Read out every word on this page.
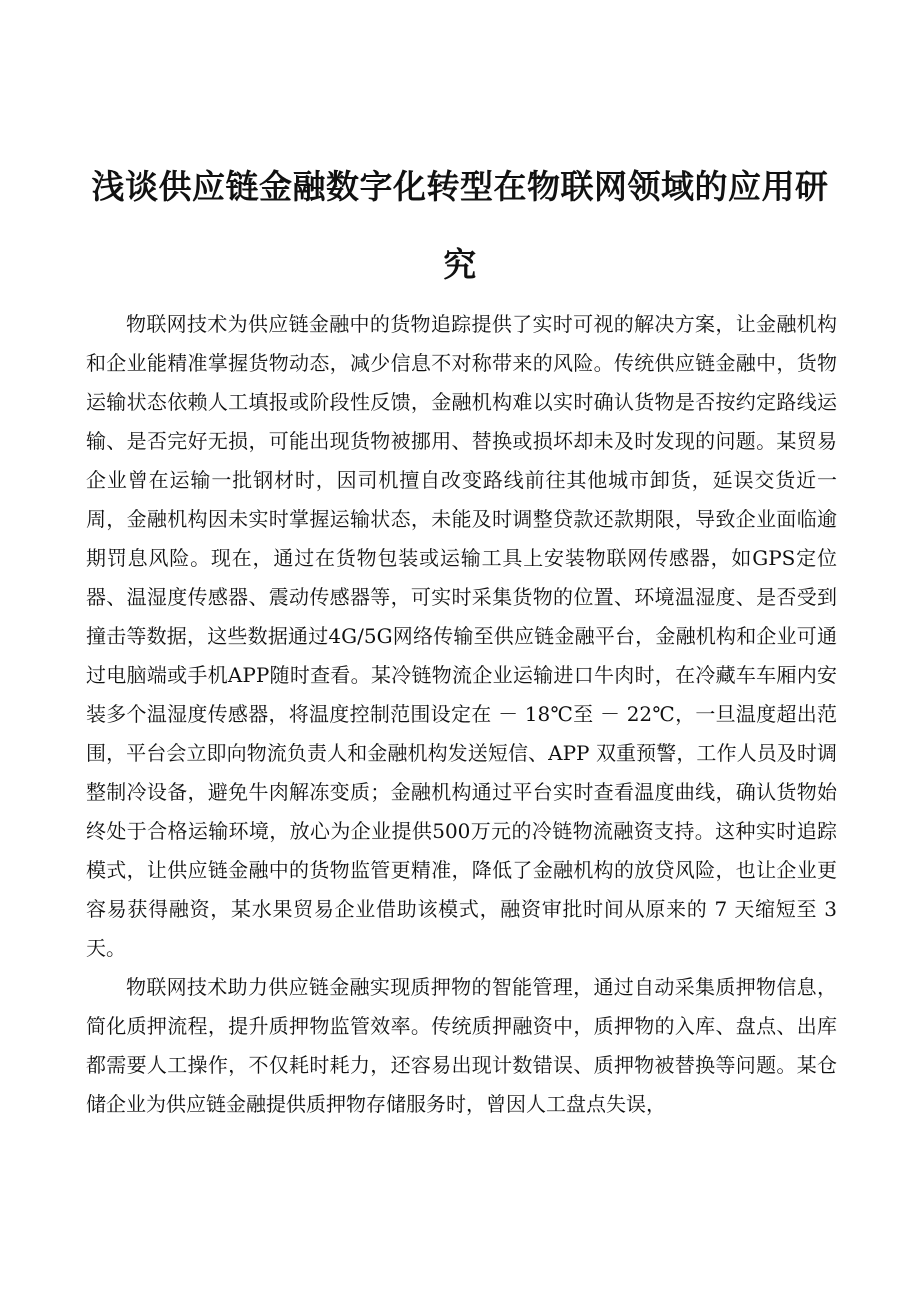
浅谈供应链金融数字化转型在物联网领域的应用研究

物联网技术为供应链金融中的货物追踪提供了实时可视的解决方案，让金融机构和企业能精准掌握货物动态，减少信息不对称带来的风险。传统供应链金融中，货物运输状态依赖人工填报或阶段性反馈，金融机构难以实时确认货物是否按约定路线运输、是否完好无损，可能出现货物被挪用、替换或损坏却未及时发现的问题。某贸易企业曾在运输一批钢材时，因司机擅自改变路线前往其他城市卸货，延误交货近一周，金融机构因未实时掌握运输状态，未能及时调整贷款还款期限，导致企业面临逾期罚息风险。现在，通过在货物包装或运输工具上安装物联网传感器，如GPS定位器、温湿度传感器、震动传感器等，可实时采集货物的位置、环境温湿度、是否受到撞击等数据，这些数据通过4G/5G网络传输至供应链金融平台，金融机构和企业可通过电脑端或手机APP随时查看。某冷链物流企业运输进口牛肉时，在冷藏车车厢内安装多个温湿度传感器，将温度控制范围设定在 － 18℃至 － 22℃，一旦温度超出范围，平台会立即向物流负责人和金融机构发送短信、APP 双重预警，工作人员及时调整制冷设备，避免牛肉解冻变质；金融机构通过平台实时查看温度曲线，确认货物始终处于合格运输环境，放心为企业提供500万元的冷链物流融资支持。这种实时追踪模式，让供应链金融中的货物监管更精准，降低了金融机构的放贷风险，也让企业更容易获得融资，某水果贸易企业借助该模式，融资审批时间从原来的 7 天缩短至 3 天。

物联网技术助力供应链金融实现质押物的智能管理，通过自动采集质押物信息，简化质押流程，提升质押物监管效率。传统质押融资中，质押物的入库、盘点、出库都需要人工操作，不仅耗时耗力，还容易出现计数错误、质押物被替换等问题。某仓储企业为供应链金融提供质押物存储服务时，曾因人工盘点失误，
